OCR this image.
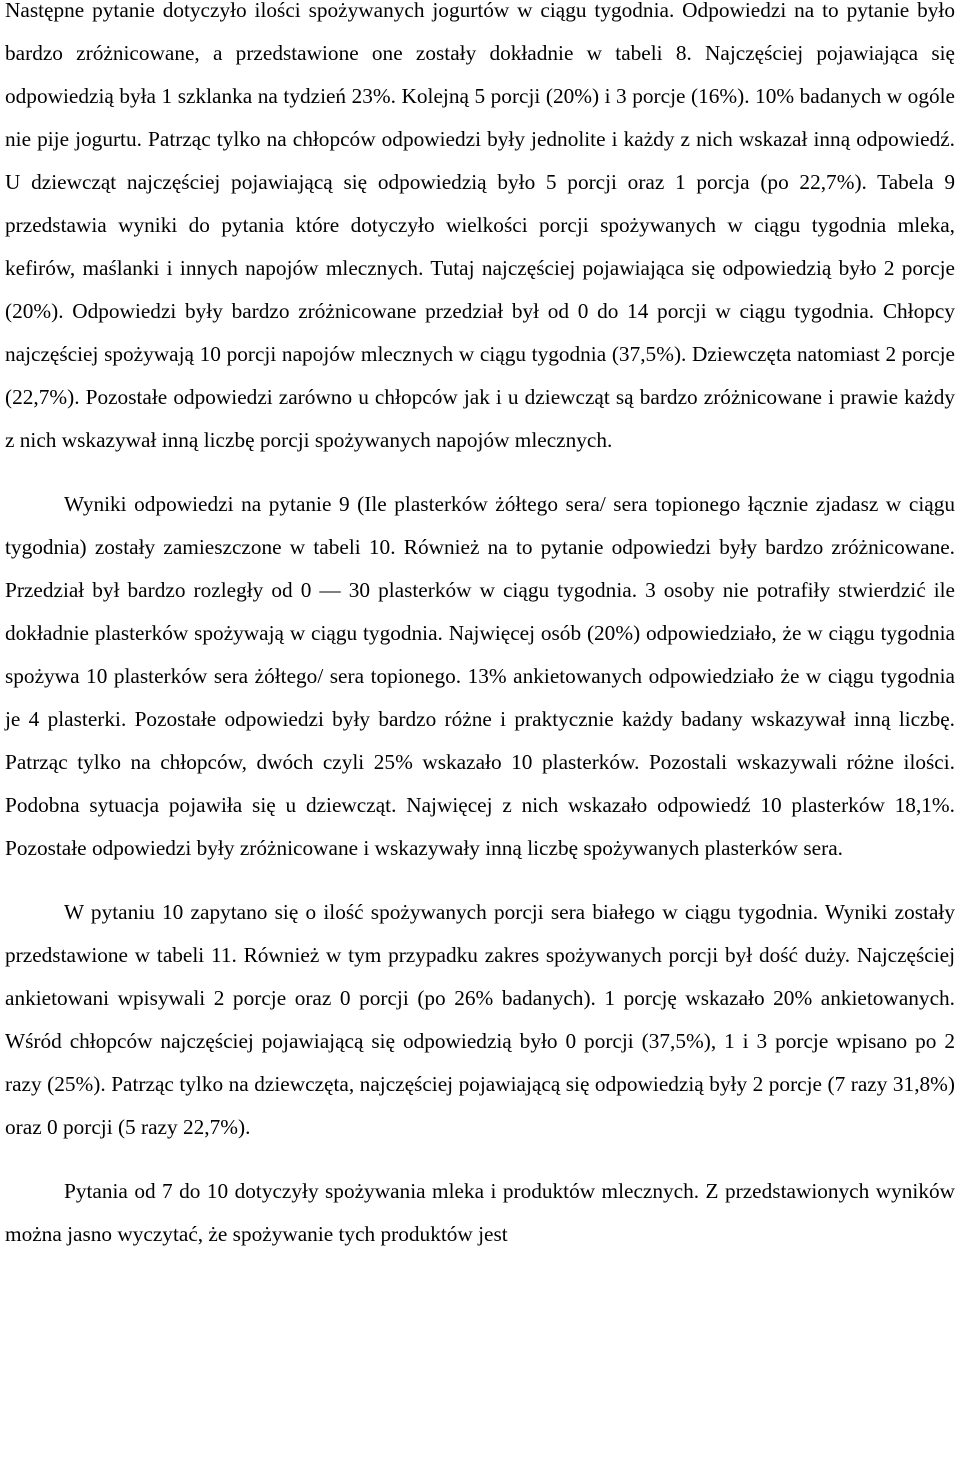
Następne pytanie dotyczyło ilości spożywanych jogurtów w ciągu tygodnia. Odpowiedzi na to pytanie było bardzo zróżnicowane, a przedstawione one zostały dokładnie w tabeli 8. Najczęściej pojawiająca się odpowiedzią była 1 szklanka na tydzień 23%. Kolejną 5 porcji (20%) i 3 porcje (16%). 10% badanych w ogóle nie pije jogurtu. Patrząc tylko na chłopców odpowiedzi były jednolite i każdy z nich wskazał inną odpowiedź. U dziewcząt najczęściej pojawiającą się odpowiedzią było 5 porcji oraz 1 porcja (po 22,7%). Tabela 9 przedstawia wyniki do pytania które dotyczyło wielkości porcji spożywanych w ciągu tygodnia mleka, kefirów, maślanki i innych napojów mlecznych. Tutaj najczęściej pojawiająca się odpowiedzią było 2 porcje (20%). Odpowiedzi były bardzo zróżnicowane przedział był od 0 do 14 porcji w ciągu tygodnia. Chłopcy najczęściej spożywają 10 porcji napojów mlecznych w ciągu tygodnia (37,5%). Dziewczęta natomiast 2 porcje (22,7%). Pozostałe odpowiedzi zarówno u chłopców jak i u dziewcząt są bardzo zróżnicowane i prawie każdy z nich wskazywał inną liczbę porcji spożywanych napojów mlecznych.

Wyniki odpowiedzi na pytanie 9 (Ile plasterków żółtego sera/ sera topionego łącznie zjadasz w ciągu tygodnia) zostały zamieszczone w tabeli 10. Również na to pytanie odpowiedzi były bardzo zróżnicowane. Przedział był bardzo rozległy od 0 — 30 plasterków w ciągu tygodnia. 3 osoby nie potrafiły stwierdzić ile dokładnie plasterków spożywają w ciągu tygodnia. Najwięcej osób (20%) odpowiedziało, że w ciągu tygodnia spożywa 10 plasterków sera żółtego/ sera topionego. 13% ankietowanych odpowiedziało że w ciągu tygodnia je 4 plasterki. Pozostałe odpowiedzi były bardzo różne i praktycznie każdy badany wskazywał inną liczbę. Patrząc tylko na chłopców, dwóch czyli 25% wskazało 10 plasterków. Pozostali wskazywali różne ilości. Podobna sytuacja pojawiła się u dziewcząt. Najwięcej z nich wskazało odpowiedź 10 plasterków 18,1%. Pozostałe odpowiedzi były zróżnicowane i wskazywały inną liczbę spożywanych plasterków sera.

W pytaniu 10 zapytano się o ilość spożywanych porcji sera białego w ciągu tygodnia. Wyniki zostały przedstawione w tabeli 11. Również w tym przypadku zakres spożywanych porcji był dość duży. Najczęściej ankietowani wpisywali 2 porcje oraz 0 porcji (po 26% badanych). 1 porcję wskazało 20% ankietowanych. Wśród chłopców najczęściej pojawiającą się odpowiedzią było 0 porcji (37,5%), 1 i 3 porcje wpisano po 2 razy (25%). Patrząc tylko na dziewczęta, najczęściej pojawiającą się odpowiedzią były 2 porcje (7 razy 31,8%) oraz 0 porcji (5 razy 22,7%).

Pytania od 7 do 10 dotyczyły spożywania mleka i produktów mlecznych. Z przedstawionych wyników można jasno wyczytać, że spożywanie tych produktów jest
